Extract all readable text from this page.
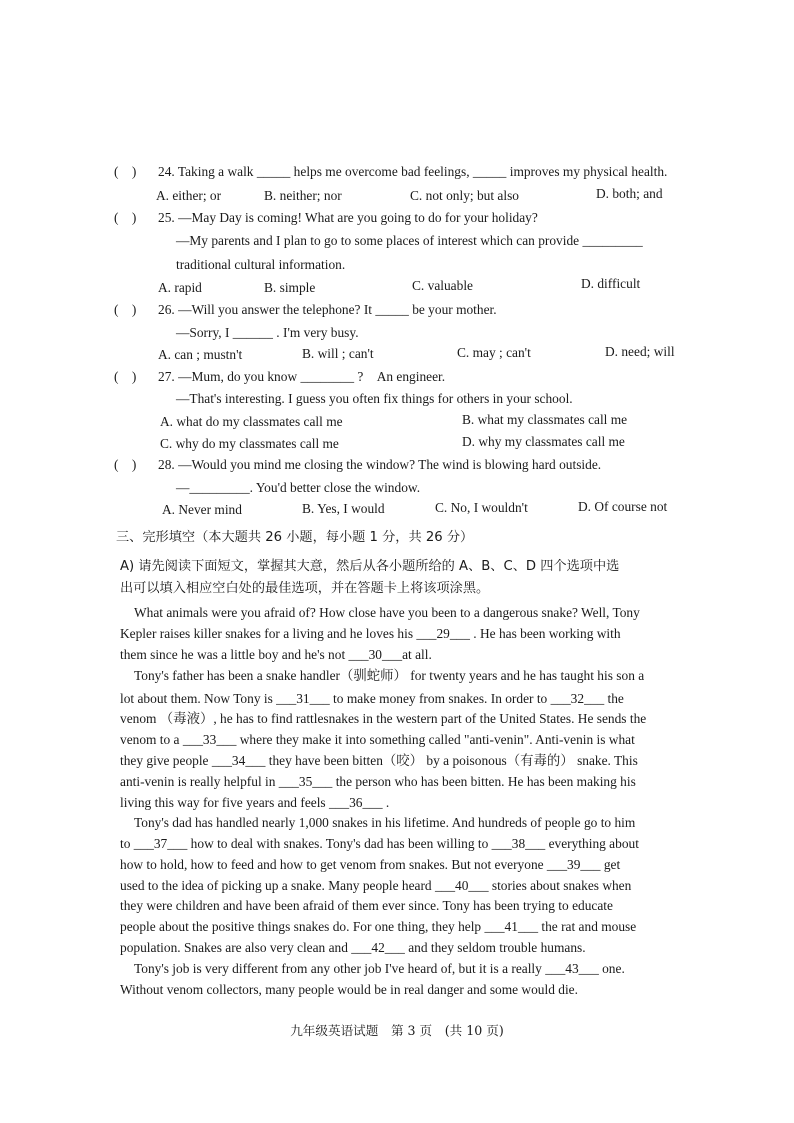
(　) 24. Taking a walk _____ helps me overcome bad feelings, _____ improves my physical health.
A. either; or	B. neither; nor	C. not only; but also	D. both; and
(　) 25. —May Day is coming! What are you going to do for your holiday?
—My parents and I plan to go to some places of interest which can provide _________
traditional cultural information.
A. rapid	B. simple	C. valuable	D. difficult
(　) 26. —Will you answer the telephone? It _____ be your mother.
—Sorry, I ______ . I'm very busy.
A. can ; mustn't	B. will ; can't	C. may ; can't	D. need; will
(　) 27. —Mum, do you know ________ ?　An engineer.
—That's interesting. I guess you often fix things for others in your school.
A. what do my classmates call me	B. what my classmates call me
C. why do my classmates call me	D. why my classmates call me
(　) 28. —Would you mind me closing the window? The wind is blowing hard outside.
—_________. You'd better close the window.
A. Never mind	B. Yes, I would	C. No, I wouldn't	D. Of course not
三、完形填空（本大题共 26 小题，每小题 1 分，共 26 分）
A) 请先阅读下面短文，掌握其大意，然后从各小题所给的 A、B、C、D 四个选项中选
出可以填入相应空白处的最佳选项，并在答题卡上将该项涂黑。
What animals were you afraid of? How close have you been to a dangerous snake? Well, Tony
Kepler raises killer snakes for a living and he loves his ___29___ . He has been working with
them since he was a little boy and he's not ___30___at all.
Tony's father has been a snake handler（驯蛇师） for twenty years and he has taught his son a
lot about them. Now Tony is ___31___ to make money from snakes. In order to ___32___ the
venom （毒液）, he has to find rattlesnakes in the western part of the United States. He sends the
venom to a ___33___ where they make it into something called "anti-venin". Anti-venin is what
they give people ___34___ they have been bitten（咬） by a poisonous（有毒的） snake. This
anti-venin is really helpful in ___35___ the person who has been bitten. He has been making his
living this way for five years and feels ___36___ .
Tony's dad has handled nearly 1,000 snakes in his lifetime. And hundreds of people go to him
to ___37___ how to deal with snakes. Tony's dad has been willing to ___38___ everything about
how to hold, how to feed and how to get venom from snakes. But not everyone ___39___ get
used to the idea of picking up a snake. Many people heard ___40___ stories about snakes when
they were children and have been afraid of them ever since. Tony has been trying to educate
people about the positive things snakes do. For one thing, they help ___41___ the rat and mouse
population. Snakes are also very clean and ___42___ and they seldom trouble humans.
Tony's job is very different from any other job I've heard of, but it is a really ___43___ one.
Without venom collectors, many people would be in real danger and some would die.
九年级英语试题　第 3 页　(共 10 页)
